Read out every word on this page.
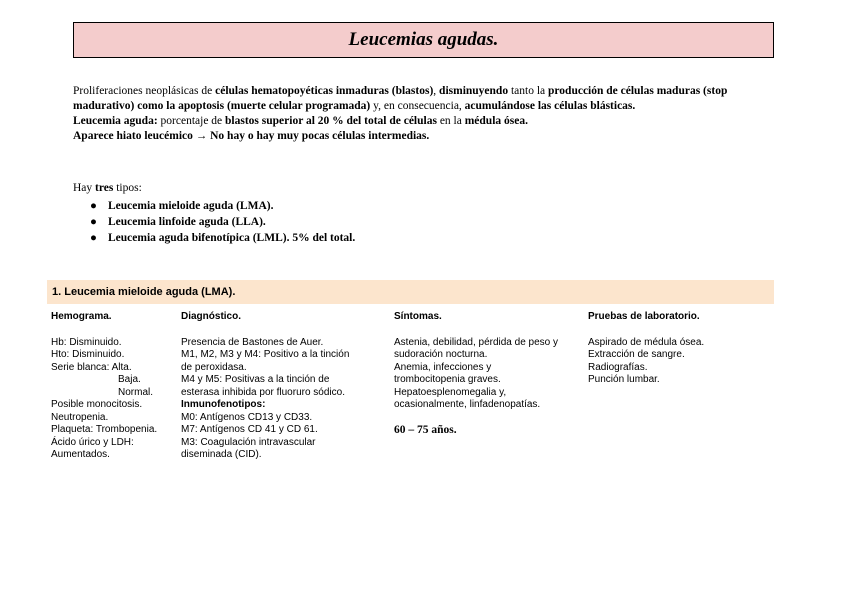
Leucemias agudas.

Proliferaciones neoplásicas de células hematopoyéticas inmaduras (blastos), disminuyendo tanto la producción de células maduras (stop madurativo) como la apoptosis (muerte celular programada) y, en consecuencia, acumulándose las células blásticas.

Leucemia aguda: porcentaje de blastos superior al 20 % del total de células en la médula ósea.

Aparece hiato leucémico → No hay o hay muy pocas células intermedias.

Hay tres tipos:
● Leucemia mieloide aguda (LMA).
● Leucemia linfoide aguda (LLA).
● Leucemia aguda bifenotípica (LML). 5% del total.
1. Leucemia mieloide aguda (LMA).
Hemograma.
Hb: Disminuido.
Hto: Disminuido.
Serie blanca: Alta.
Baja.
Normal.
Posible monocitosis.
Neutropenia.
Plaqueta: Trombopenia.
Ácido úrico y LDH:
Aumentados.
Diagnóstico.
Presencia de Bastones de Auer.
M1, M2, M3 y M4: Positivo a la tinción
de peroxidasa.
M4 y M5: Positivas a la tinción de
esterasa inhibida por fluoruro sódico.
Inmunofenotipos:
M0: Antígenos CD13 y CD33.
M7: Antígenos CD 41 y CD 61.
M3: Coagulación intravascular
diseminada (CID).
Síntomas.
Astenia, debilidad, pérdida de peso y
sudoración nocturna.
Anemia, infecciones y
trombocitopenia graves.
Hepatoesplenomegalia y,
ocasionalmente, linfadenopatías.
60 – 75 años.
Pruebas de laboratorio.
Aspirado de médula ósea.
Extracción de sangre.
Radiografías.
Punción lumbar.
